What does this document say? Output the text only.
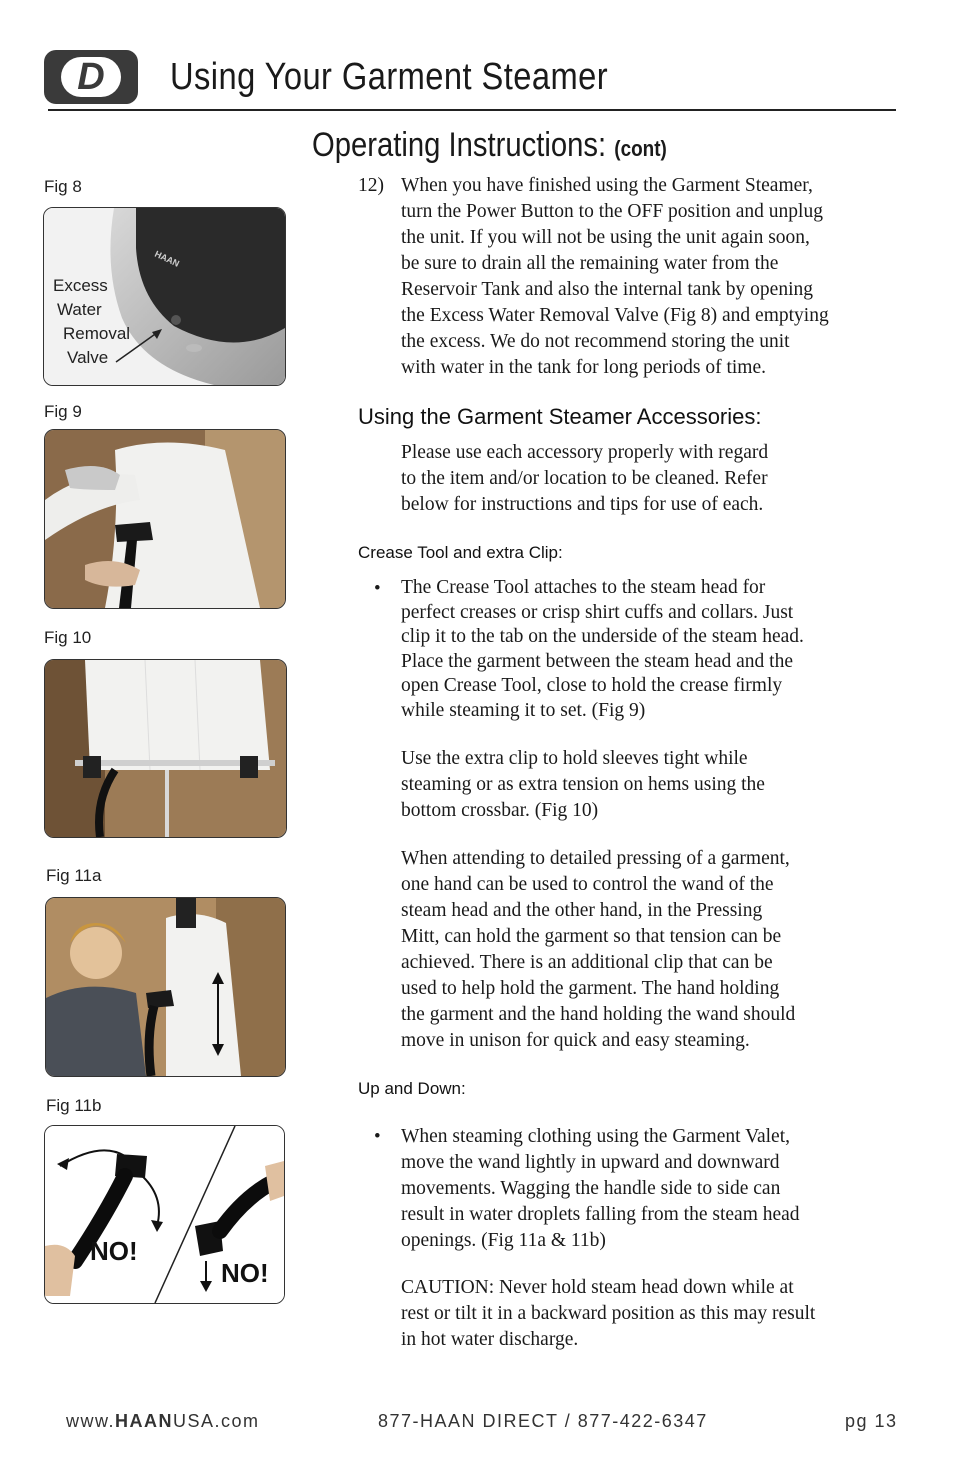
D	Using Your Garment Steamer
Operating Instructions: (cont)
Fig 8
HAAN
Excess
Water
Removal
Valve
Fig 9
Fig 10
Fig 11a
Fig 11b
NO!
NO!
12) When you have finished using the Garment Steamer,
turn the Power Button to the OFF position and unplug
the unit. If you will not be using the unit again soon,
be sure to drain all the remaining water from the
Reservoir Tank and also the internal tank by opening
the Excess Water Removal Valve (Fig 8) and emptying
the excess. We do not recommend storing the unit
with water in the tank for long periods of time.
Using the Garment Steamer Accessories:
Please use each accessory properly with regard
to the item and/or location to be cleaned. Refer
below for instructions and tips for use of each.
Crease Tool and extra Clip:
• The Crease Tool attaches to the steam head for
perfect creases or crisp shirt cuffs and collars. Just
clip it to the tab on the underside of the steam head.
Place the garment between the steam head and the
open Crease Tool, close to hold the crease firmly
while steaming it to set. (Fig 9)
Use the extra clip to hold sleeves tight while
steaming or as extra tension on hems using the
bottom crossbar. (Fig 10)
When attending to detailed pressing of a garment,
one hand can be used to control the wand of the
steam head and the other hand, in the Pressing
Mitt, can hold the garment so that tension can be
achieved. There is an additional clip that can be
used to help hold the garment. The hand holding
the garment and the hand holding the wand should
move in unison for quick and easy steaming.
Up and Down:
• When steaming clothing using the Garment Valet,
move the wand lightly in upward and downward
movements. Wagging the handle side to side can
result in water droplets falling from the steam head
openings. (Fig 11a & 11b)
CAUTION: Never hold steam head down while at
rest or tilt it in a backward position as this may result
in hot water discharge.
www.HAANUSA.com	877-HAAN DIRECT / 877-422-6347	pg 13
